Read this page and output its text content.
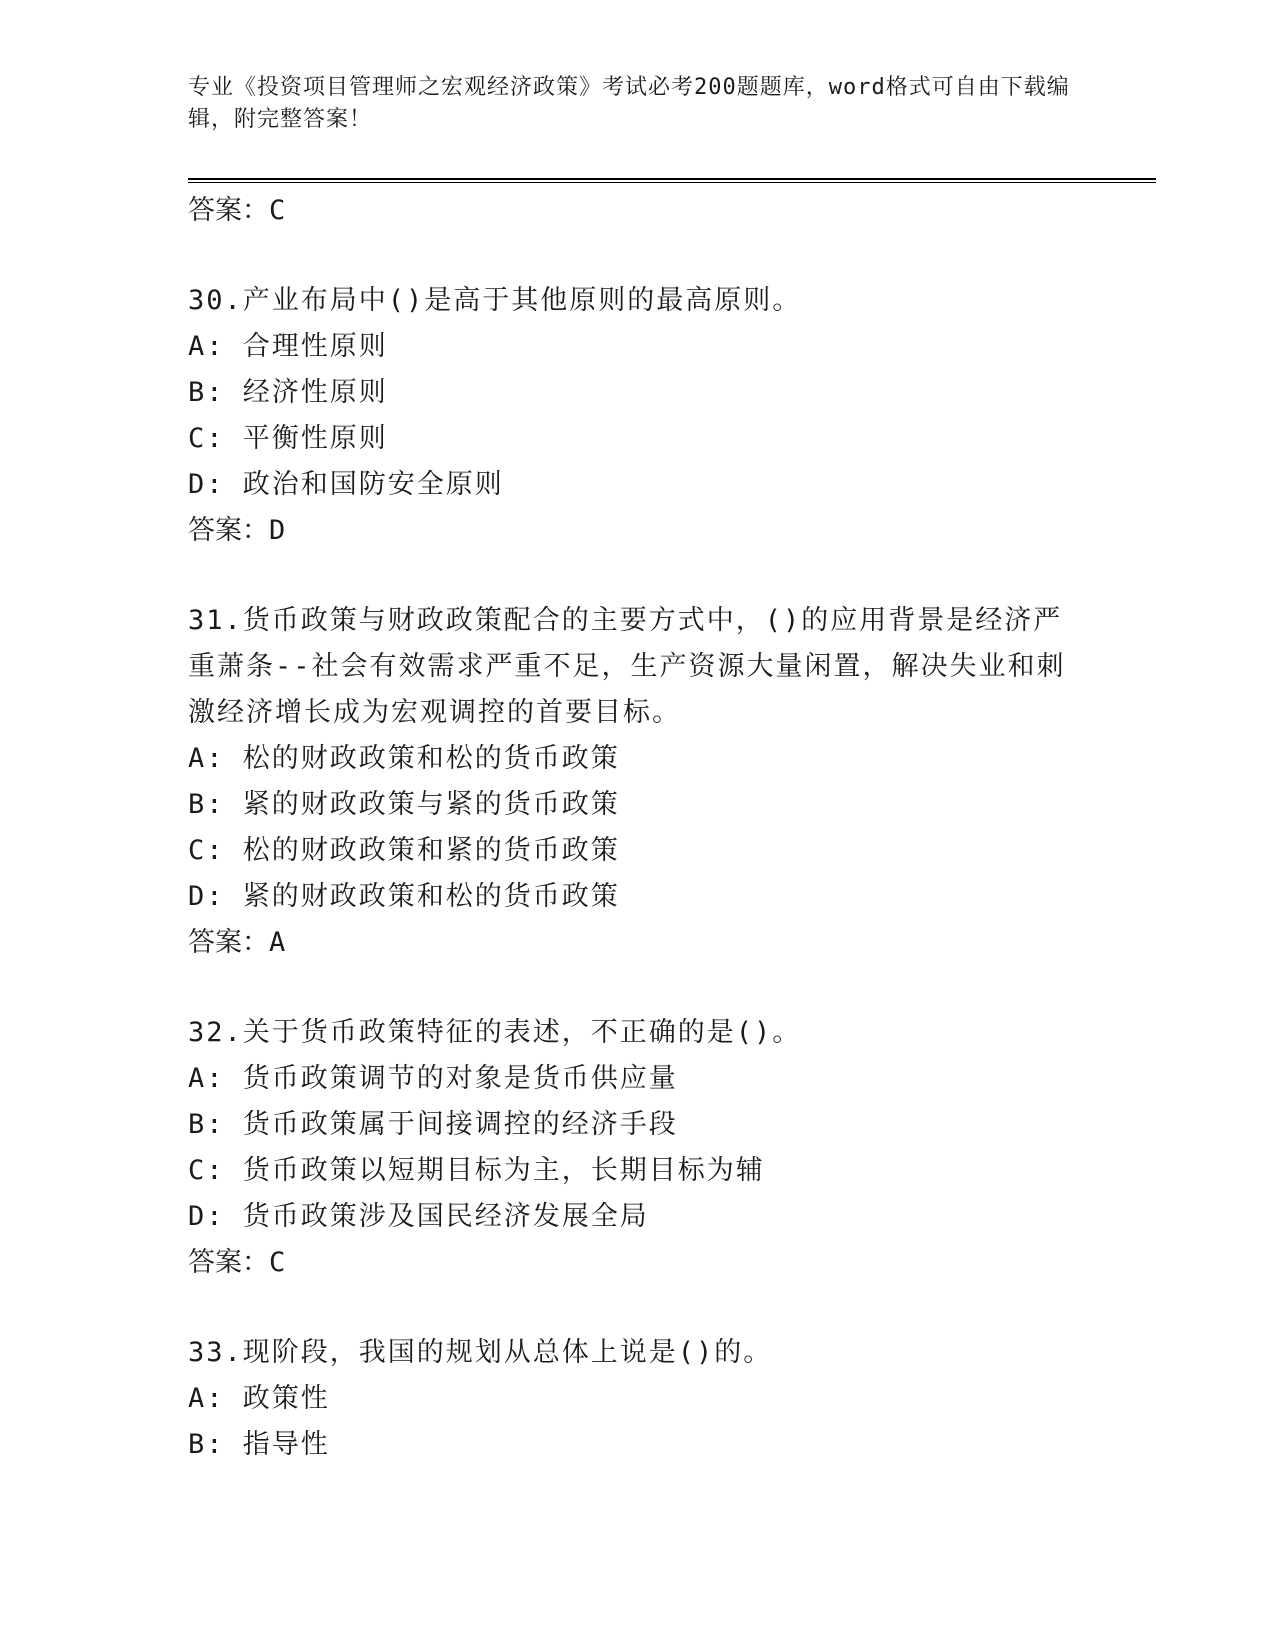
专业《投资项目管理师之宏观经济政策》考试必考200题题库，word格式可自由下载编辑，附完整答案！
答案：C
30.产业布局中()是高于其他原则的最高原则。
A: 合理性原则
B: 经济性原则
C: 平衡性原则
D: 政治和国防安全原则
答案：D
31.货币政策与财政政策配合的主要方式中，()的应用背景是经济严重萧条--社会有效需求严重不足，生产资源大量闲置，解决失业和刺激经济增长成为宏观调控的首要目标。
A: 松的财政政策和松的货币政策
B: 紧的财政政策与紧的货币政策
C: 松的财政政策和紧的货币政策
D: 紧的财政政策和松的货币政策
答案：A
32.关于货币政策特征的表述，不正确的是()。
A: 货币政策调节的对象是货币供应量
B: 货币政策属于间接调控的经济手段
C: 货币政策以短期目标为主，长期目标为辅
D: 货币政策涉及国民经济发展全局
答案：C
33.现阶段，我国的规划从总体上说是()的。
A: 政策性
B: 指导性
